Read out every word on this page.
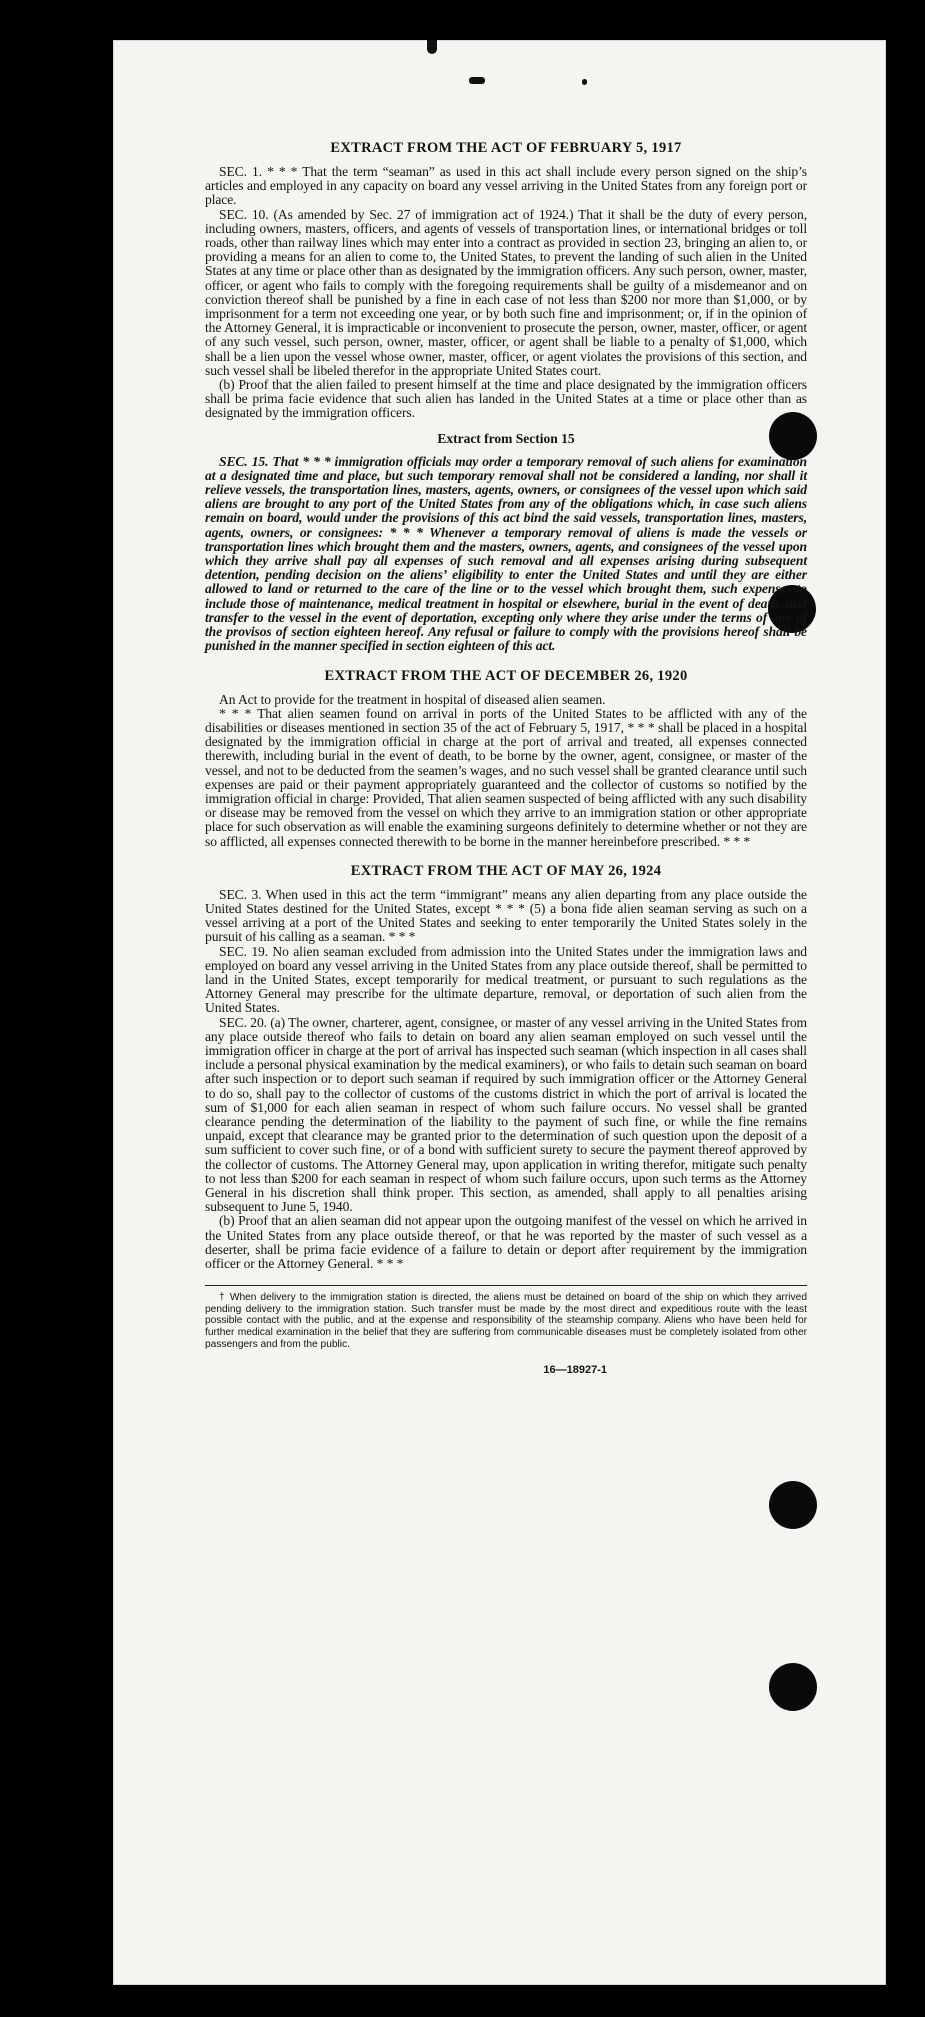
EXTRACT FROM THE ACT OF FEBRUARY 5, 1917

SEC. 1. * * * That the term “seaman” as used in this act shall include every person signed on the ship’s articles and employed in any capacity on board any vessel arriving in the United States from any foreign port or place.

SEC. 10. (As amended by Sec. 27 of immigration act of 1924.) That it shall be the duty of every person, including owners, masters, officers, and agents of vessels of transportation lines, or international bridges or toll roads, other than railway lines which may enter into a contract as provided in section 23, bringing an alien to, or providing a means for an alien to come to, the United States, to prevent the landing of such alien in the United States at any time or place other than as designated by the immigration officers. Any such person, owner, master, officer, or agent who fails to comply with the foregoing requirements shall be guilty of a misdemeanor and on conviction thereof shall be punished by a fine in each case of not less than $200 nor more than $1,000, or by imprisonment for a term not exceeding one year, or by both such fine and imprisonment; or, if in the opinion of the Attorney General, it is impracticable or inconvenient to prosecute the person, owner, master, officer, or agent of any such vessel, such person, owner, master, officer, or agent shall be liable to a penalty of $1,000, which shall be a lien upon the vessel whose owner, master, officer, or agent violates the provisions of this section, and such vessel shall be libeled therefor in the appropriate United States court.

(b) Proof that the alien failed to present himself at the time and place designated by the immigration officers shall be prima facie evidence that such alien has landed in the United States at a time or place other than as designated by the immigration officers.

Extract from Section 15

SEC. 15. That * * * immigration officials may order a temporary removal of such aliens for examination at a designated time and place, but such temporary removal shall not be considered a landing, nor shall it relieve vessels, the transportation lines, masters, agents, owners, or consignees of the vessel upon which said aliens are brought to any port of the United States from any of the obligations which, in case such aliens remain on board, would under the provisions of this act bind the said vessels, transportation lines, masters, agents, owners, or consignees: * * * Whenever a temporary removal of aliens is made the vessels or transportation lines which brought them and the masters, owners, agents, and consignees of the vessel upon which they arrive shall pay all expenses of such removal and all expenses arising during subsequent detention, pending decision on the aliens’ eligibility to enter the United States and until they are either allowed to land or returned to the care of the line or to the vessel which brought them, such expenses to include those of maintenance, medical treatment in hospital or elsewhere, burial in the event of death, and transfer to the vessel in the event of deportation, excepting only where they arise under the terms of any of the provisos of section eighteen hereof. Any refusal or failure to comply with the provisions hereof shall be punished in the manner specified in section eighteen of this act.

EXTRACT FROM THE ACT OF DECEMBER 26, 1920

An Act to provide for the treatment in hospital of diseased alien seamen.

* * * That alien seamen found on arrival in ports of the United States to be afflicted with any of the disabilities or diseases mentioned in section 35 of the act of February 5, 1917, * * * shall be placed in a hospital designated by the immigration official in charge at the port of arrival and treated, all expenses connected therewith, including burial in the event of death, to be borne by the owner, agent, consignee, or master of the vessel, and not to be deducted from the seamen’s wages, and no such vessel shall be granted clearance until such expenses are paid or their payment appropriately guaranteed and the collector of customs so notified by the immigration official in charge: Provided, That alien seamen suspected of being afflicted with any such disability or disease may be removed from the vessel on which they arrive to an immigration station or other appropriate place for such observation as will enable the examining surgeons definitely to determine whether or not they are so afflicted, all expenses connected therewith to be borne in the manner hereinbefore prescribed. * * *

EXTRACT FROM THE ACT OF MAY 26, 1924

SEC. 3. When used in this act the term “immigrant” means any alien departing from any place outside the United States destined for the United States, except * * * (5) a bona fide alien seaman serving as such on a vessel arriving at a port of the United States and seeking to enter temporarily the United States solely in the pursuit of his calling as a seaman. * * *

SEC. 19. No alien seaman excluded from admission into the United States under the immigration laws and employed on board any vessel arriving in the United States from any place outside thereof, shall be permitted to land in the United States, except temporarily for medical treatment, or pursuant to such regulations as the Attorney General may prescribe for the ultimate departure, removal, or deportation of such alien from the United States.

SEC. 20. (a) The owner, charterer, agent, consignee, or master of any vessel arriving in the United States from any place outside thereof who fails to detain on board any alien seaman employed on such vessel until the immigration officer in charge at the port of arrival has inspected such seaman (which inspection in all cases shall include a personal physical examination by the medical examiners), or who fails to detain such seaman on board after such inspection or to deport such seaman if required by such immigration officer or the Attorney General to do so, shall pay to the collector of customs of the customs district in which the port of arrival is located the sum of $1,000 for each alien seaman in respect of whom such failure occurs. No vessel shall be granted clearance pending the determination of the liability to the payment of such fine, or while the fine remains unpaid, except that clearance may be granted prior to the determination of such question upon the deposit of a sum sufficient to cover such fine, or of a bond with sufficient surety to secure the payment thereof approved by the collector of customs. The Attorney General may, upon application in writing therefor, mitigate such penalty to not less than $200 for each seaman in respect of whom such failure occurs, upon such terms as the Attorney General in his discretion shall think proper. This section, as amended, shall apply to all penalties arising subsequent to June 5, 1940.

(b) Proof that an alien seaman did not appear upon the outgoing manifest of the vessel on which he arrived in the United States from any place outside thereof, or that he was reported by the master of such vessel as a deserter, shall be prima facie evidence of a failure to detain or deport after requirement by the immigration officer or the Attorney General. * * *

† When delivery to the immigration station is directed, the aliens must be detained on board of the ship on which they arrived pending delivery to the immigration station. Such transfer must be made by the most direct and expeditious route with the least possible contact with the public, and at the expense and responsibility of the steamship company. Aliens who have been held for further medical examination in the belief that they are suffering from communicable diseases must be completely isolated from other passengers and from the public.
16—18927-1
